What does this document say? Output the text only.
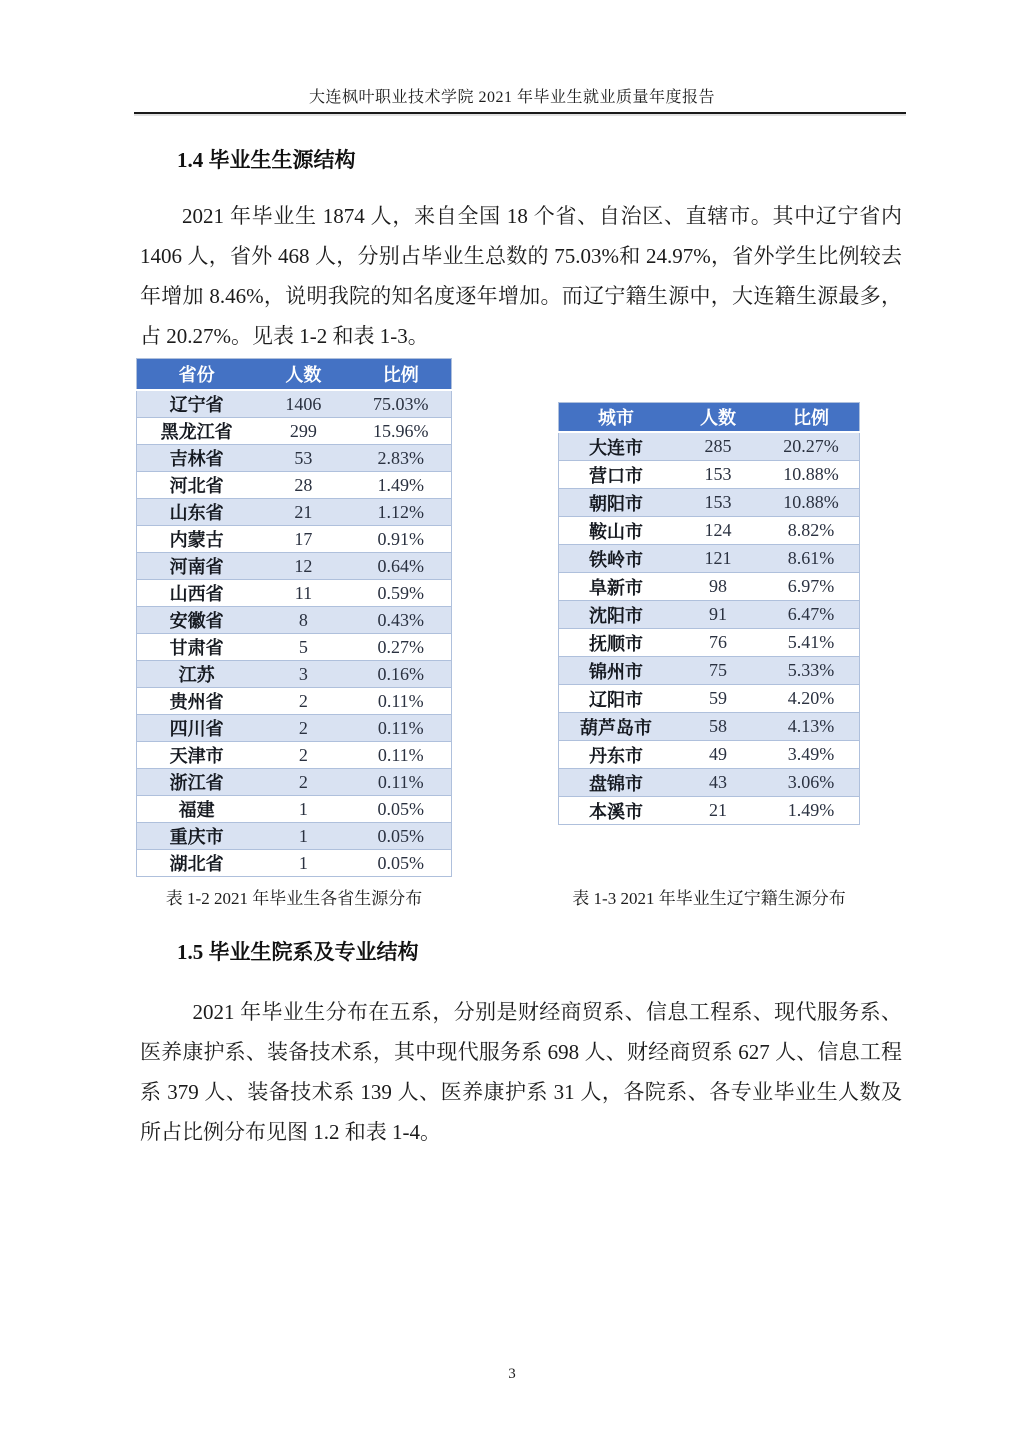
大连枫叶职业技术学院 2021 年毕业生就业质量年度报告
1.4 毕业生生源结构

2021 年毕业生 1874 人，来自全国 18 个省、自治区、直辖市。其中辽宁省内 1406 人，省外 468 人，分别占毕业生总数的 75.03%和 24.97%，省外学生比例较去年增加 8.46%，说明我院的知名度逐年增加。而辽宁籍生源中，大连籍生源最多，占 20.27%。见表 1-2 和表 1-3。

省份	人数	比例
辽宁省	1406	75.03%
黑龙江省	299	15.96%
吉林省	53	2.83%
河北省	28	1.49%
山东省	21	1.12%
内蒙古	17	0.91%
河南省	12	0.64%
山西省	11	0.59%
安徽省	8	0.43%
甘肃省	5	0.27%
江苏	3	0.16%
贵州省	2	0.11%
四川省	2	0.11%
天津市	2	0.11%
浙江省	2	0.11%
福建	1	0.05%
重庆市	1	0.05%
湖北省	1	0.05%
城市	人数	比例
大连市	285	20.27%
营口市	153	10.88%
朝阳市	153	10.88%
鞍山市	124	8.82%
铁岭市	121	8.61%
阜新市	98	6.97%
沈阳市	91	6.47%
抚顺市	76	5.41%
锦州市	75	5.33%
辽阳市	59	4.20%
葫芦岛市	58	4.13%
丹东市	49	3.49%
盘锦市	43	3.06%
本溪市	21	1.49%
表 1-2 2021 年毕业生各省生源分布	表 1-3 2021 年毕业生辽宁籍生源分布
1.5 毕业生院系及专业结构

2021 年毕业生分布在五系，分别是财经商贸系、信息工程系、现代服务系、医养康护系、装备技术系，其中现代服务系 698 人、财经商贸系 627 人、信息工程系 379 人、装备技术系 139 人、医养康护系 31 人，各院系、各专业毕业生人数及所占比例分布见图 1.2 和表 1-4。

3
